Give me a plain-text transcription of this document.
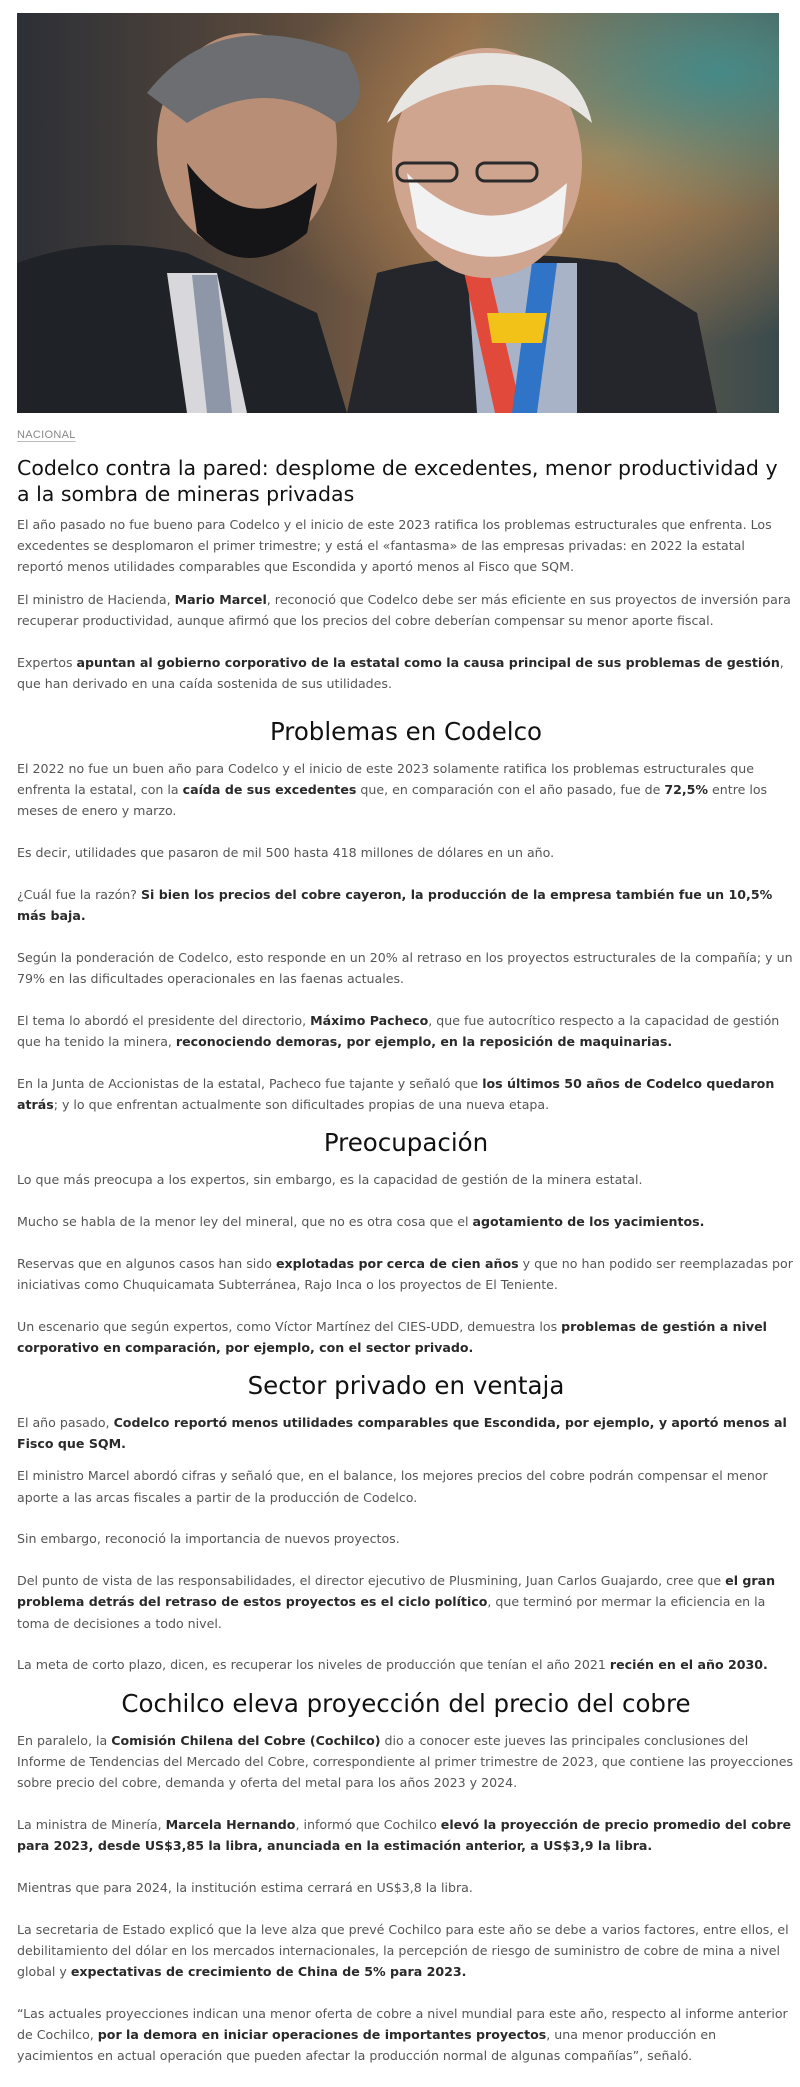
NACIONAL
Codelco contra la pared: desplome de excedentes, menor productividad y a la sombra de mineras privadas

El año pasado no fue bueno para Codelco y el inicio de este 2023 ratifica los problemas estructurales que enfrenta. Los excedentes se desplomaron el primer trimestre; y está el «fantasma» de las empresas privadas: en 2022 la estatal reportó menos utilidades comparables que Escondida y aportó menos al Fisco que SQM.

El ministro de Hacienda, Mario Marcel, reconoció que Codelco debe ser más eficiente en sus proyectos de inversión para recuperar productividad, aunque afirmó que los precios del cobre deberían compensar su menor aporte fiscal.

Expertos apuntan al gobierno corporativo de la estatal como la causa principal de sus problemas de gestión, que han derivado en una caída sostenida de sus utilidades.

Problemas en Codelco

El 2022 no fue un buen año para Codelco y el inicio de este 2023 solamente ratifica los problemas estructurales que enfrenta la estatal, con la caída de sus excedentes que, en comparación con el año pasado, fue de 72,5% entre los meses de enero y marzo.

Es decir, utilidades que pasaron de mil 500 hasta 418 millones de dólares en un año.

¿Cuál fue la razón? Si bien los precios del cobre cayeron, la producción de la empresa también fue un 10,5% más baja.

Según la ponderación de Codelco, esto responde en un 20% al retraso en los proyectos estructurales de la compañía; y un 79% en las dificultades operacionales en las faenas actuales.

El tema lo abordó el presidente del directorio, Máximo Pacheco, que fue autocrítico respecto a la capacidad de gestión que ha tenido la minera, reconociendo demoras, por ejemplo, en la reposición de maquinarias.

En la Junta de Accionistas de la estatal, Pacheco fue tajante y señaló que los últimos 50 años de Codelco quedaron atrás; y lo que enfrentan actualmente son dificultades propias de una nueva etapa.

Preocupación

Lo que más preocupa a los expertos, sin embargo, es la capacidad de gestión de la minera estatal.

Mucho se habla de la menor ley del mineral, que no es otra cosa que el agotamiento de los yacimientos.

Reservas que en algunos casos han sido explotadas por cerca de cien años y que no han podido ser reemplazadas por iniciativas como Chuquicamata Subterránea, Rajo Inca o los proyectos de El Teniente.

Un escenario que según expertos, como Víctor Martínez del CIES-UDD, demuestra los problemas de gestión a nivel corporativo en comparación, por ejemplo, con el sector privado.

Sector privado en ventaja

El año pasado, Codelco reportó menos utilidades comparables que Escondida, por ejemplo, y aportó menos al Fisco que SQM.

El ministro Marcel abordó cifras y señaló que, en el balance, los mejores precios del cobre podrán compensar el menor aporte a las arcas fiscales a partir de la producción de Codelco.

Sin embargo, reconoció la importancia de nuevos proyectos.

Del punto de vista de las responsabilidades, el director ejecutivo de Plusmining, Juan Carlos Guajardo, cree que el gran problema detrás del retraso de estos proyectos es el ciclo político, que terminó por mermar la eficiencia en la toma de decisiones a todo nivel.

La meta de corto plazo, dicen, es recuperar los niveles de producción que tenían el año 2021 recién en el año 2030.

Cochilco eleva proyección del precio del cobre

En paralelo, la Comisión Chilena del Cobre (Cochilco) dio a conocer este jueves las principales conclusiones del Informe de Tendencias del Mercado del Cobre, correspondiente al primer trimestre de 2023, que contiene las proyecciones sobre precio del cobre, demanda y oferta del metal para los años 2023 y 2024.

La ministra de Minería, Marcela Hernando, informó que Cochilco elevó la proyección de precio promedio del cobre para 2023, desde US$3,85 la libra, anunciada en la estimación anterior, a US$3,9 la libra.

Mientras que para 2024, la institución estima cerrará en US$3,8 la libra.

La secretaria de Estado explicó que la leve alza que prevé Cochilco para este año se debe a varios factores, entre ellos, el debilitamiento del dólar en los mercados internacionales, la percepción de riesgo de suministro de cobre de mina a nivel global y expectativas de crecimiento de China de 5% para 2023.

“Las actuales proyecciones indican una menor oferta de cobre a nivel mundial para este año, respecto al informe anterior de Cochilco, por la demora en iniciar operaciones de importantes proyectos, una menor producción en yacimientos en actual operación que pueden afectar la producción normal de algunas compañías”, señaló.
